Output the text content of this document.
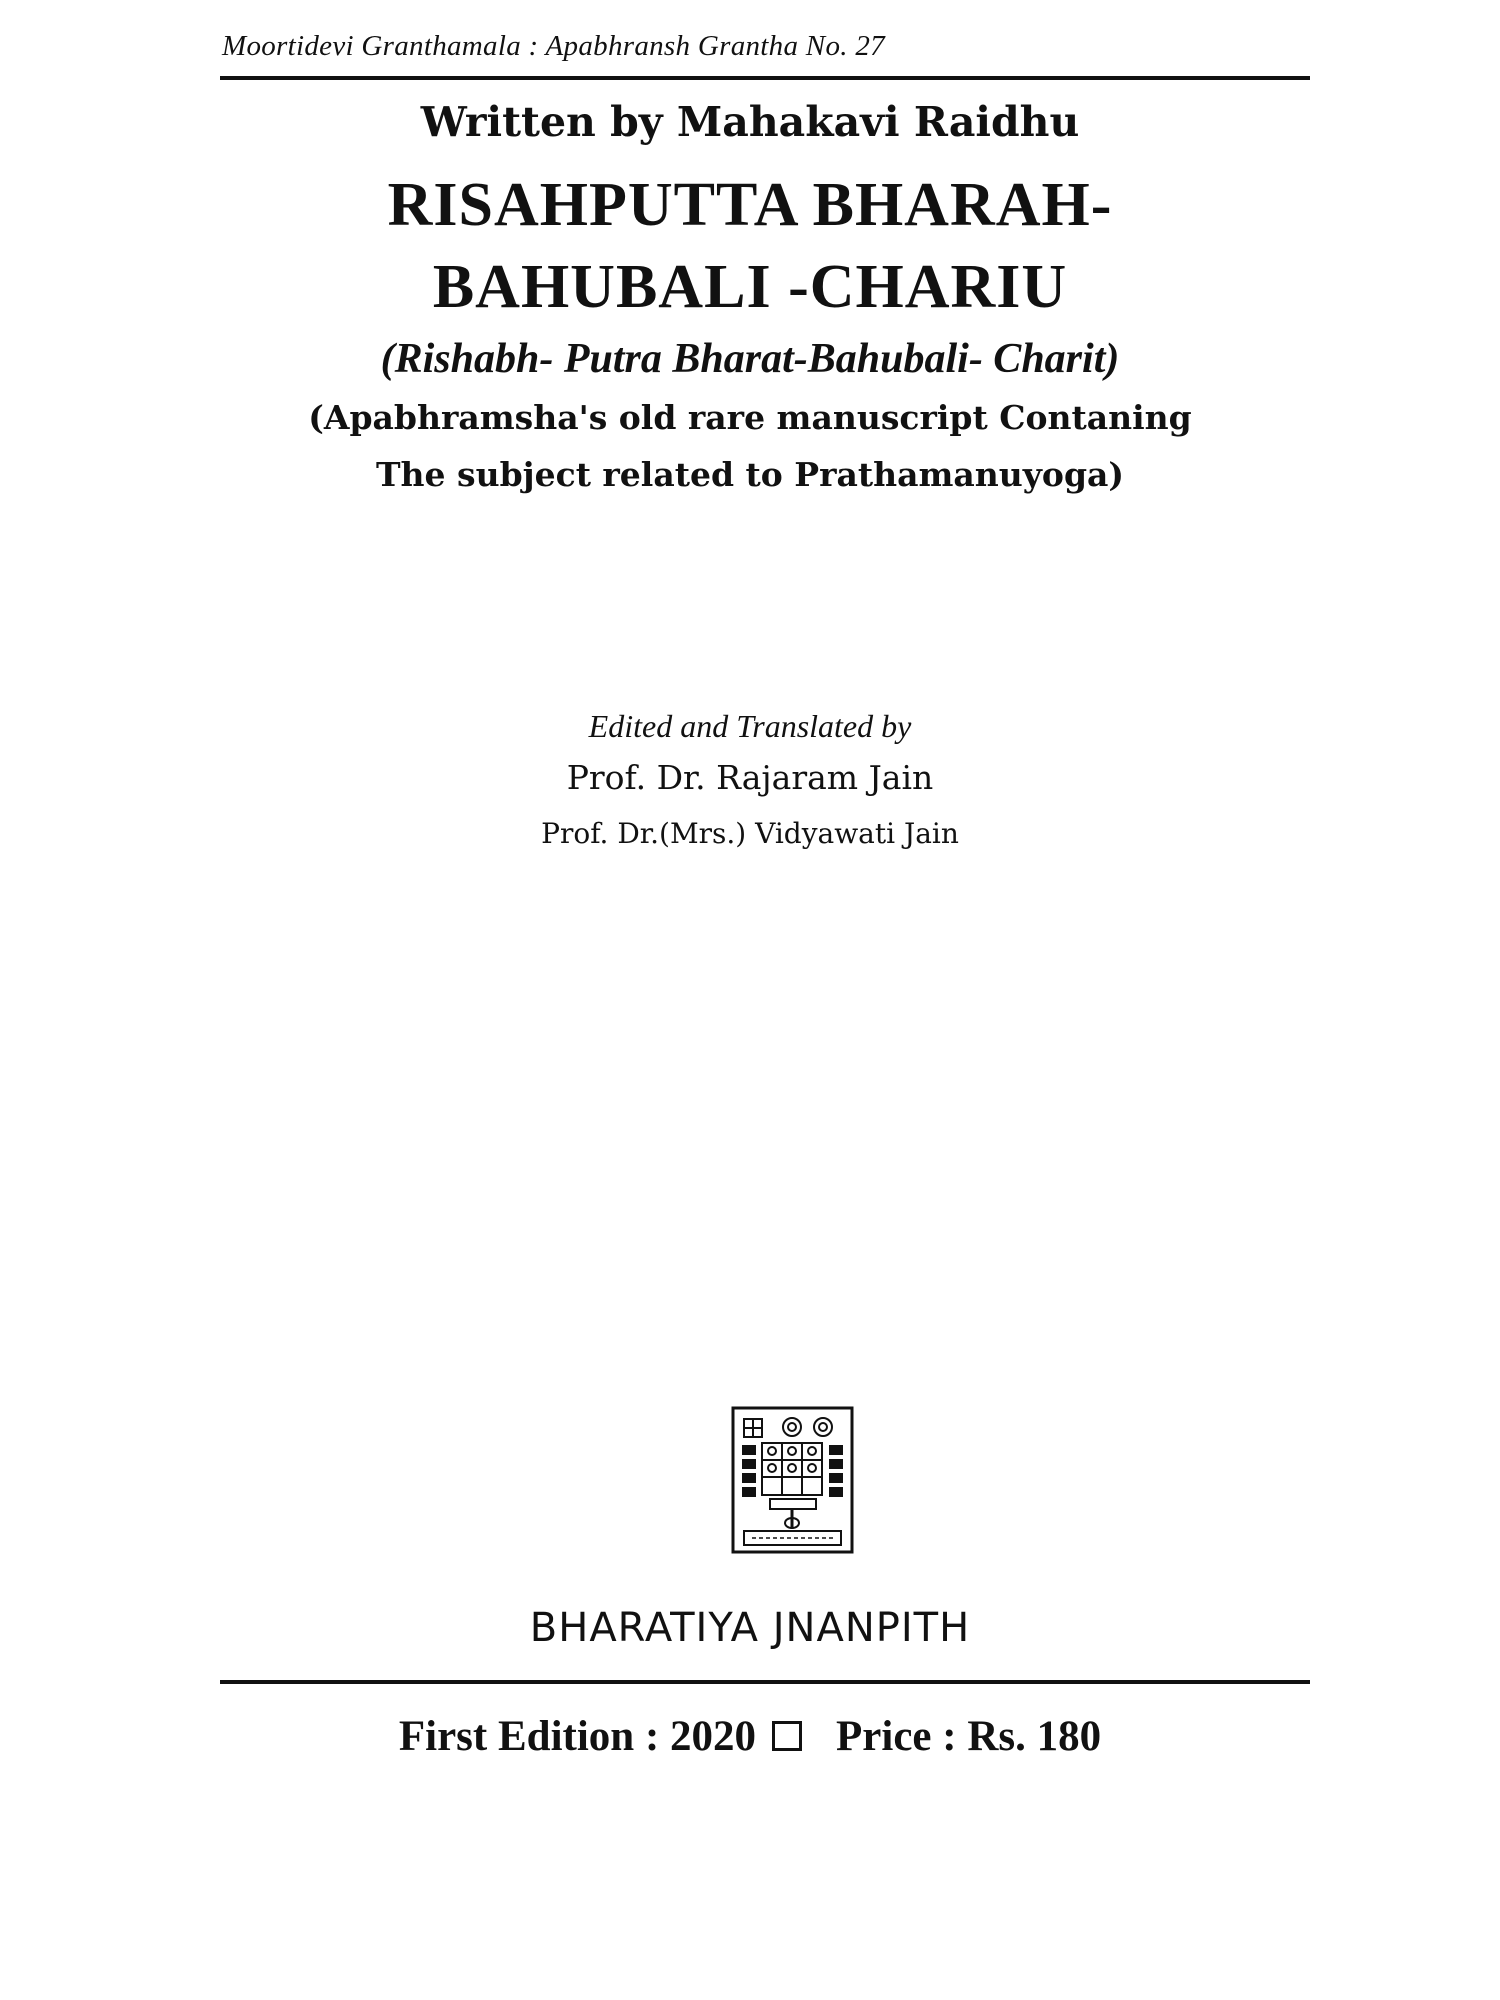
Moortidevi Granthamala : Apabhransh Grantha No. 27
Written by Mahakavi Raidhu
RISAHPUTTA BHARAH-
BAHUBALI -CHARIU
(Rishabh- Putra Bharat-Bahubali- Charit)
(Apabhramsha's old rare manuscript Contaning
The subject related to Prathamanuyoga)
Edited and Translated by
Prof. Dr. Rajaram Jain
Prof. Dr.(Mrs.) Vidyawati Jain
BHARATIYA JNANPITH
First Edition : 2020 Price : Rs. 180
